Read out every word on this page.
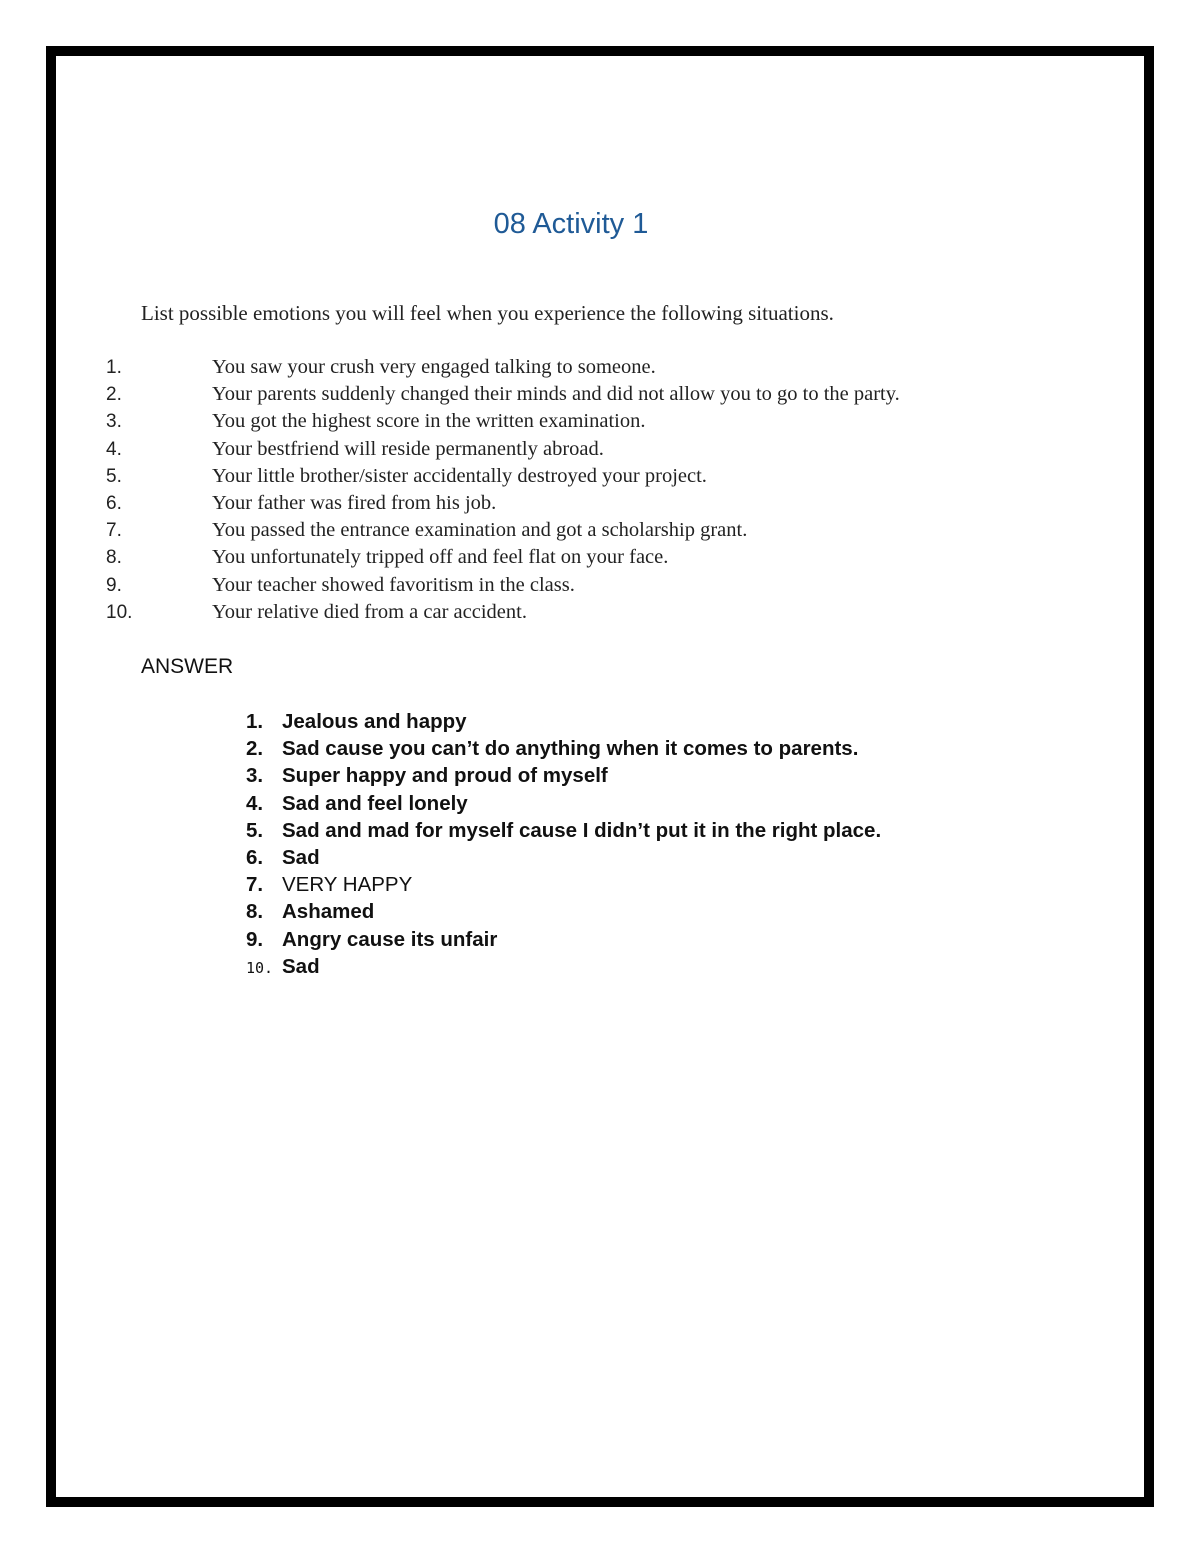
08 Activity 1
List possible emotions you will feel when you experience the following situations.
1.	You saw your crush very engaged talking to someone.
2.	Your parents suddenly changed their minds and did not allow you to go to the party.
3.	You got the highest score in the written examination.
4.	Your bestfriend will reside permanently abroad.
5.	Your little brother/sister accidentally destroyed your project.
6.	Your father was fired from his job.
7.	You passed the entrance examination and got a scholarship grant.
8.	You unfortunately tripped off and feel flat on your face.
9.	Your teacher showed favoritism in the class.
10.	Your relative died from a car accident.
ANSWER
1. Jealous and happy
2. Sad cause you can’t do anything when it comes to parents.
3. Super happy and proud of myself
4. Sad and feel lonely
5. Sad and mad for myself cause I didn’t put it in the right place.
6. Sad
7. VERY HAPPY
8. Ashamed
9. Angry cause its unfair
10. Sad
